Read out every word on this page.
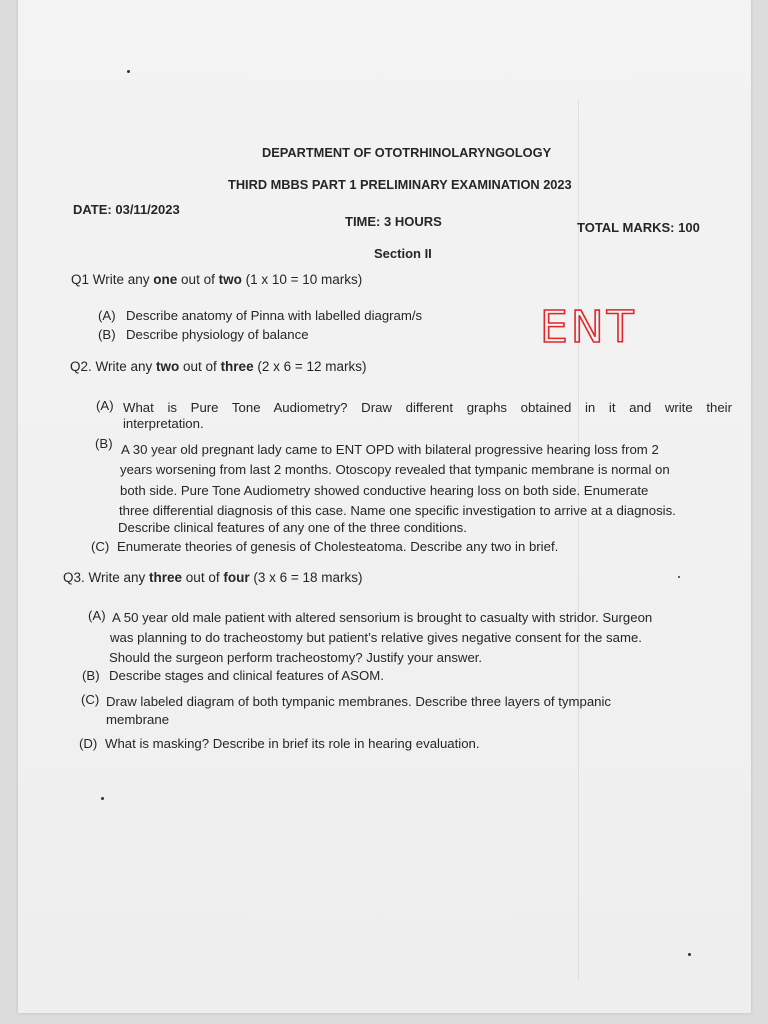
DEPARTMENT OF OTOTRHINOLARYNGOLOGY
THIRD MBBS PART 1 PRELIMINARY EXAMINATION 2023
DATE: 03/11/2023
TIME: 3 HOURS	TOTAL MARKS: 100
Section II
ENT
Q1 Write any one out of two (1 x 10 = 10 marks)
(A) Describe anatomy of Pinna with labelled diagram/s
(B) Describe physiology of balance
Q2. Write any two out of three (2 x 6 = 12 marks)
(A) What is Pure Tone Audiometry? Draw different graphs obtained in it and write their
interpretation.
(B) A 30 year old pregnant lady came to ENT OPD with bilateral progressive hearing loss from 2
years worsening from last 2 months. Otoscopy revealed that tympanic membrane is normal on
both side. Pure Tone Audiometry showed conductive hearing loss on both side. Enumerate
three differential diagnosis of this case. Name one specific investigation to arrive at a diagnosis.
Describe clinical features of any one of the three conditions.
(C) Enumerate theories of genesis of Cholesteatoma. Describe any two in brief.
Q3. Write any three out of four (3 x 6 = 18 marks)
(A) A 50 year old male patient with altered sensorium is brought to casualty with stridor. Surgeon
was planning to do tracheostomy but patient’s relative gives negative consent for the same.
Should the surgeon perform tracheostomy? Justify your answer.
(B) Describe stages and clinical features of ASOM.
(C) Draw labeled diagram of both tympanic membranes. Describe three layers of tympanic
membrane
(D) What is masking? Describe in brief its role in hearing evaluation.
